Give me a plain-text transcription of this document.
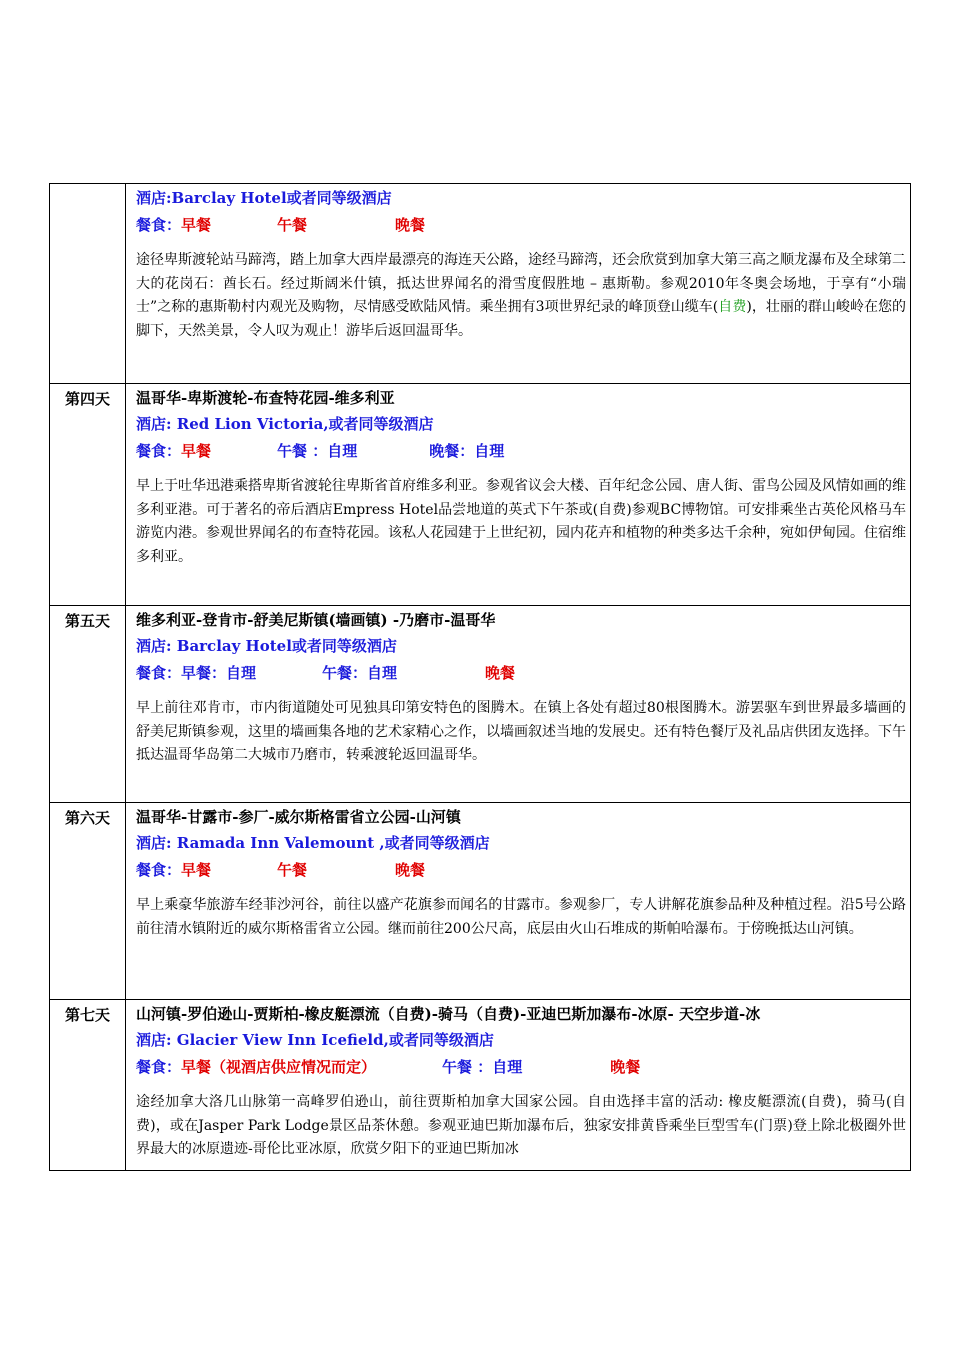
	酒店:Barclay Hotel或者同等级酒店
餐食：早餐 午餐 晚餐

途径卑斯渡轮站马蹄湾，踏上加拿大西岸最漂亮的海连天公路，途经马蹄湾，还会欣赏到加拿大第三高之顺龙瀑布及全球第二大的花岗石：酋长石。经过斯阔米什镇，抵达世界闻名的滑雪度假胜地 – 惠斯勒。参观2010年冬奥会场地，于享有“小瑞士”之称的惠斯勒村内观光及购物，尽情感受欧陆风情。乘坐拥有3项世界纪录的峰顶登山缆车(自费)，壮丽的群山峻岭在您的脚下，天然美景，令人叹为观止！游毕后返回温哥华。

第四天	温哥华-卑斯渡轮-布查特花园-维多利亚
酒店: Red Lion Victoria,或者同等级酒店
餐食：早餐 午餐 ：自理 晚餐：自理

早上于吐华迅港乘搭卑斯省渡轮往卑斯省首府维多利亚。参观省议会大楼、百年纪念公园、唐人街、雷鸟公园及风情如画的维多利亚港。可于著名的帝后酒店Empress Hotel品尝地道的英式下午茶或(自费)参观BC博物馆。可安排乘坐古英伦风格马车游览内港。参观世界闻名的布查特花园。该私人花园建于上世纪初，园内花卉和植物的种类多达千余种，宛如伊甸园。住宿维多利亚。

第五天	维多利亚-登肯市-舒美尼斯镇(墙画镇) -乃磨市-温哥华
酒店: Barclay Hotel或者同等级酒店
餐食：早餐：自理 午餐：自理 晚餐

早上前往邓肯市，市内街道随处可见独具印第安特色的图腾木。在镇上各处有超过80根图腾木。游罢驱车到世界最多墙画的舒美尼斯镇参观，这里的墙画集各地的艺术家精心之作，以墙画叙述当地的发展史。还有特色餐厅及礼品店供团友选择。下午抵达温哥华岛第二大城市乃磨市，转乘渡轮返回温哥华。

第六天	温哥华-甘露市-参厂-威尔斯格雷省立公园-山河镇
酒店: Ramada Inn Valemount ,或者同等级酒店
餐食：早餐 午餐 晚餐

早上乘豪华旅游车经菲沙河谷，前往以盛产花旗参而闻名的甘露市。参观参厂，专人讲解花旗参品种及种植过程。沿5号公路前往清水镇附近的威尔斯格雷省立公园。继而前往200公尺高，底层由火山石堆成的斯帕哈瀑布。于傍晚抵达山河镇。

第七天	山河镇-罗伯逊山-贾斯柏-橡皮艇漂流（自费)-骑马（自费)-亚迪巴斯加瀑布-冰原- 天空步道-冰
酒店: Glacier View Inn Icefield,或者同等级酒店
餐食：早餐（视酒店供应情况而定） 午餐 ：自理 晚餐

途经加拿大洛几山脉第一高峰罗伯逊山，前往贾斯柏加拿大国家公园。自由选择丰富的活动: 橡皮艇漂流(自费)，骑马(自费)，或在Jasper Park Lodge景区品茶休憩。参观亚迪巴斯加瀑布后，独家安排黄昏乘坐巨型雪车(门票)登上除北极圈外世界最大的冰原遗迹-哥伦比亚冰原，欣赏夕阳下的亚迪巴斯加冰
